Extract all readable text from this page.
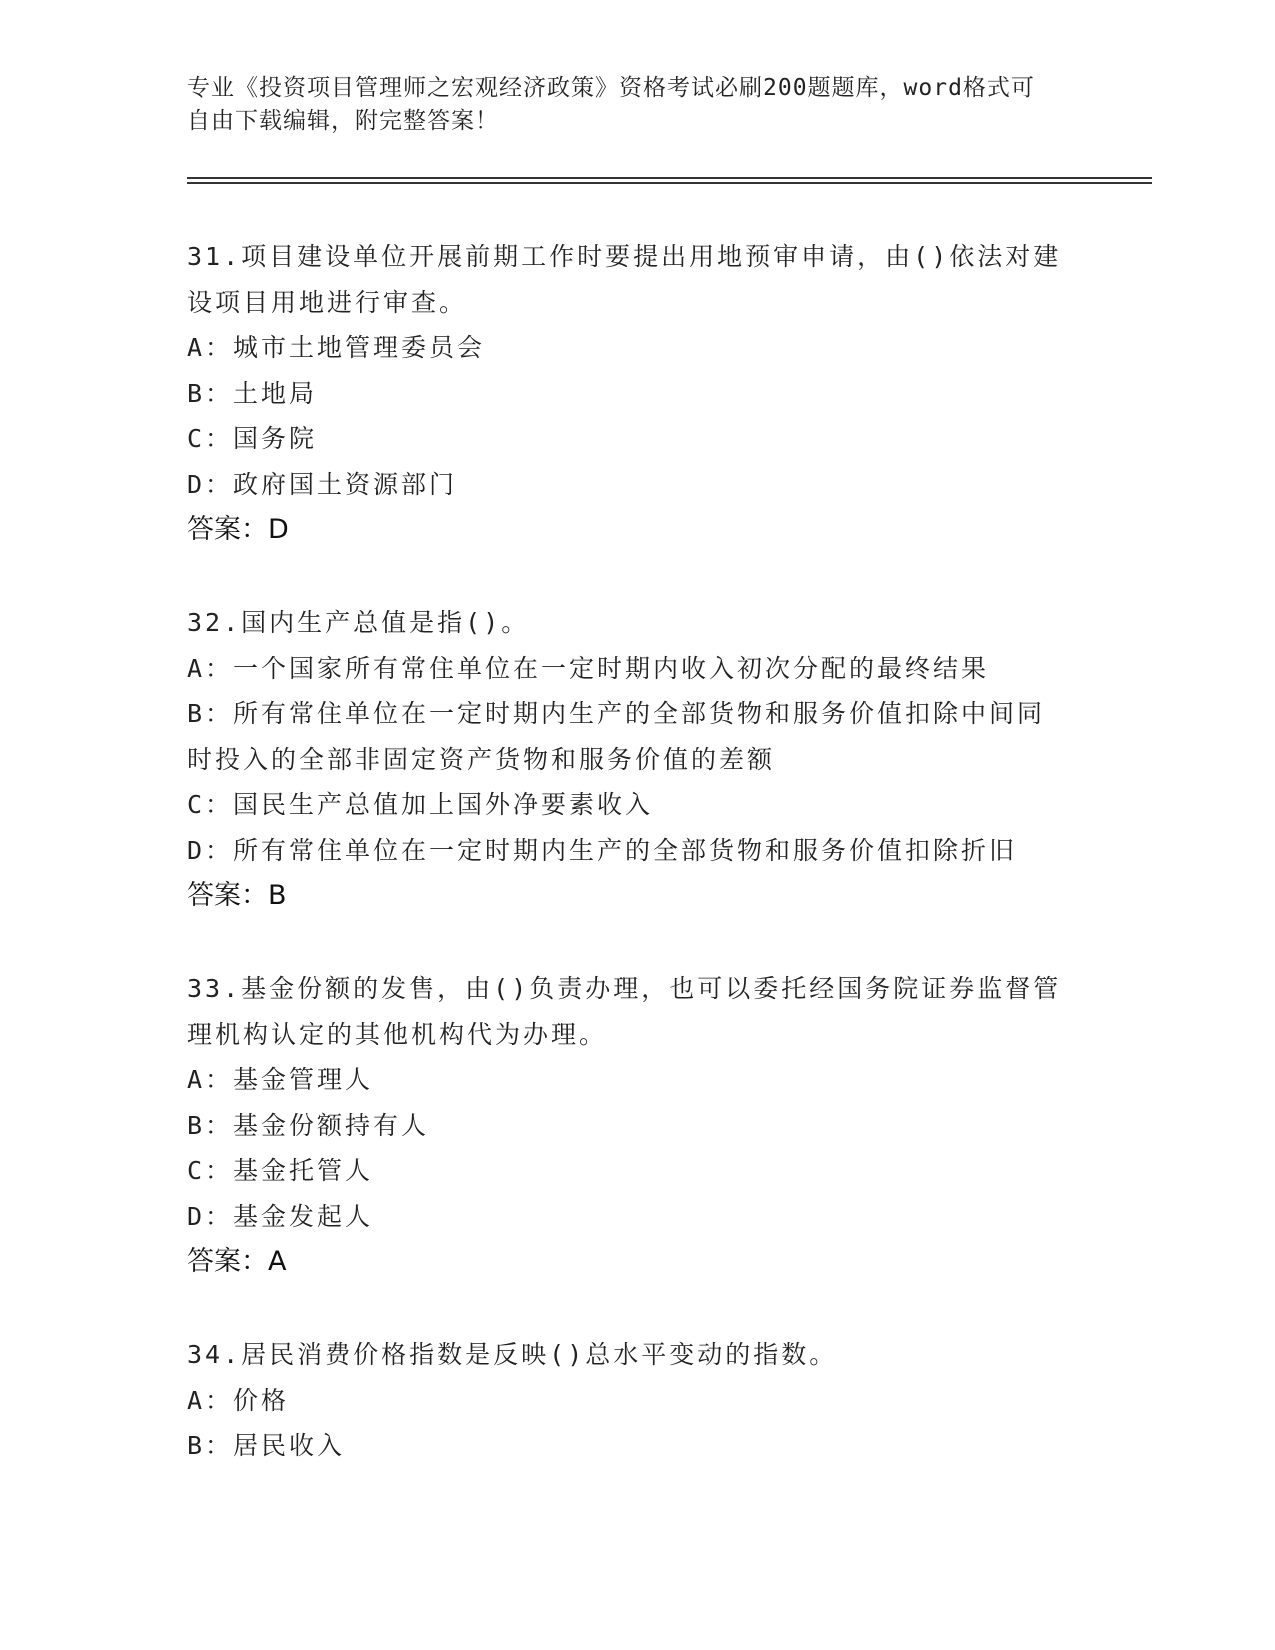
专业《投资项目管理师之宏观经济政策》资格考试必刷200题题库，word格式可
自由下载编辑，附完整答案！

31.项目建设单位开展前期工作时要提出用地预审申请，由()依法对建

设项目用地进行审查。

A：城市土地管理委员会

B：土地局

C：国务院

D：政府国土资源部门

答案：D

32.国内生产总值是指()。

A：一个国家所有常住单位在一定时期内收入初次分配的最终结果

B：所有常住单位在一定时期内生产的全部货物和服务价值扣除中间同

时投入的全部非固定资产货物和服务价值的差额

C：国民生产总值加上国外净要素收入

D：所有常住单位在一定时期内生产的全部货物和服务价值扣除折旧

答案：B

33.基金份额的发售，由()负责办理，也可以委托经国务院证券监督管

理机构认定的其他机构代为办理。

A：基金管理人

B：基金份额持有人

C：基金托管人

D：基金发起人

答案：A

34.居民消费价格指数是反映()总水平变动的指数。

A：价格

B：居民收入
